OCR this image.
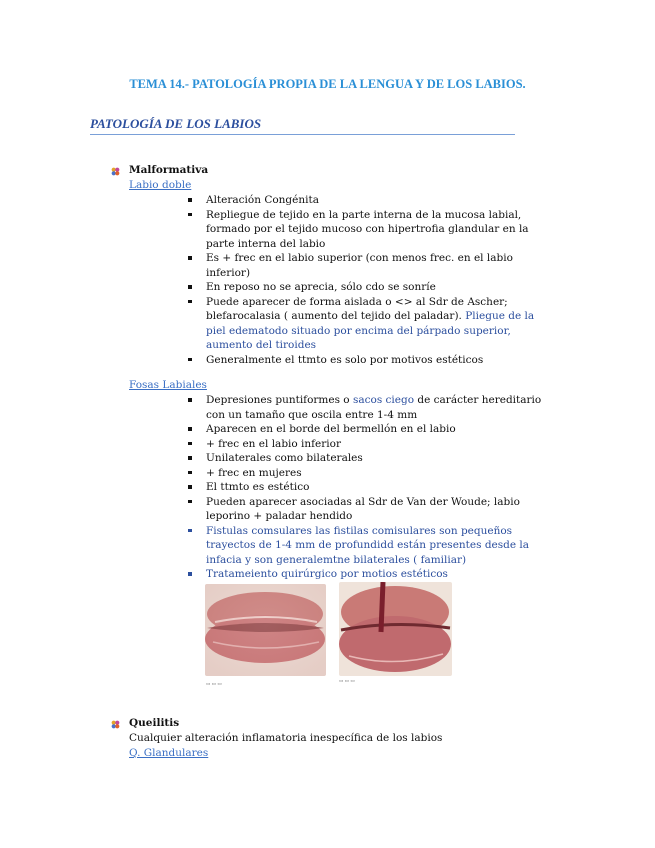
TEMA 14.- PATOLOGÍA PROPIA DE LA LENGUA Y DE LOS LABIOS.
PATOLOGÍA DE LOS LABIOS
Malformativa
Labio doble
Alteración Congénita
Repliegue de tejido en la parte interna de la mucosa labial, formado por el tejido mucoso con hipertrofia glandular en la parte interna del labio
Es + frec en el labio superior (con menos frec. en el labio inferior)
En reposo no se aprecia, sólo cdo se sonríe
Puede aparecer de forma aislada o <> al Sdr de Ascher; blefarocalasia ( aumento del tejido del paladar). Pliegue de la piel edematodo situado por encima del párpado superior, aumento del tiroides
Generalmente el ttmto es solo por motivos estéticos
Fosas Labiales
Depresiones puntiformes o sacos ciego de carácter hereditario con un tamaño que oscila entre 1-4 mm
Aparecen en el borde del bermellón en el labio
+ frec en el labio inferior
Unilaterales como bilaterales
+ frec en mujeres
El ttmto es estético
Pueden aparecer asociadas al Sdr de Van der Woude; labio leporino + paladar hendido
Fistulas comsulares las fistilas comisulares son pequeños trayectos de 1-4 mm de profundidd están presentes desde la infacia y son generalemtne bilaterales ( familiar)
Tratameiento quirúrgico por motios estéticos
▭ ▭ ▭
▭ ▭ ▭
Queilitis
Cualquier alteración inflamatoria inespecífica de los labios
Q. Glandulares
